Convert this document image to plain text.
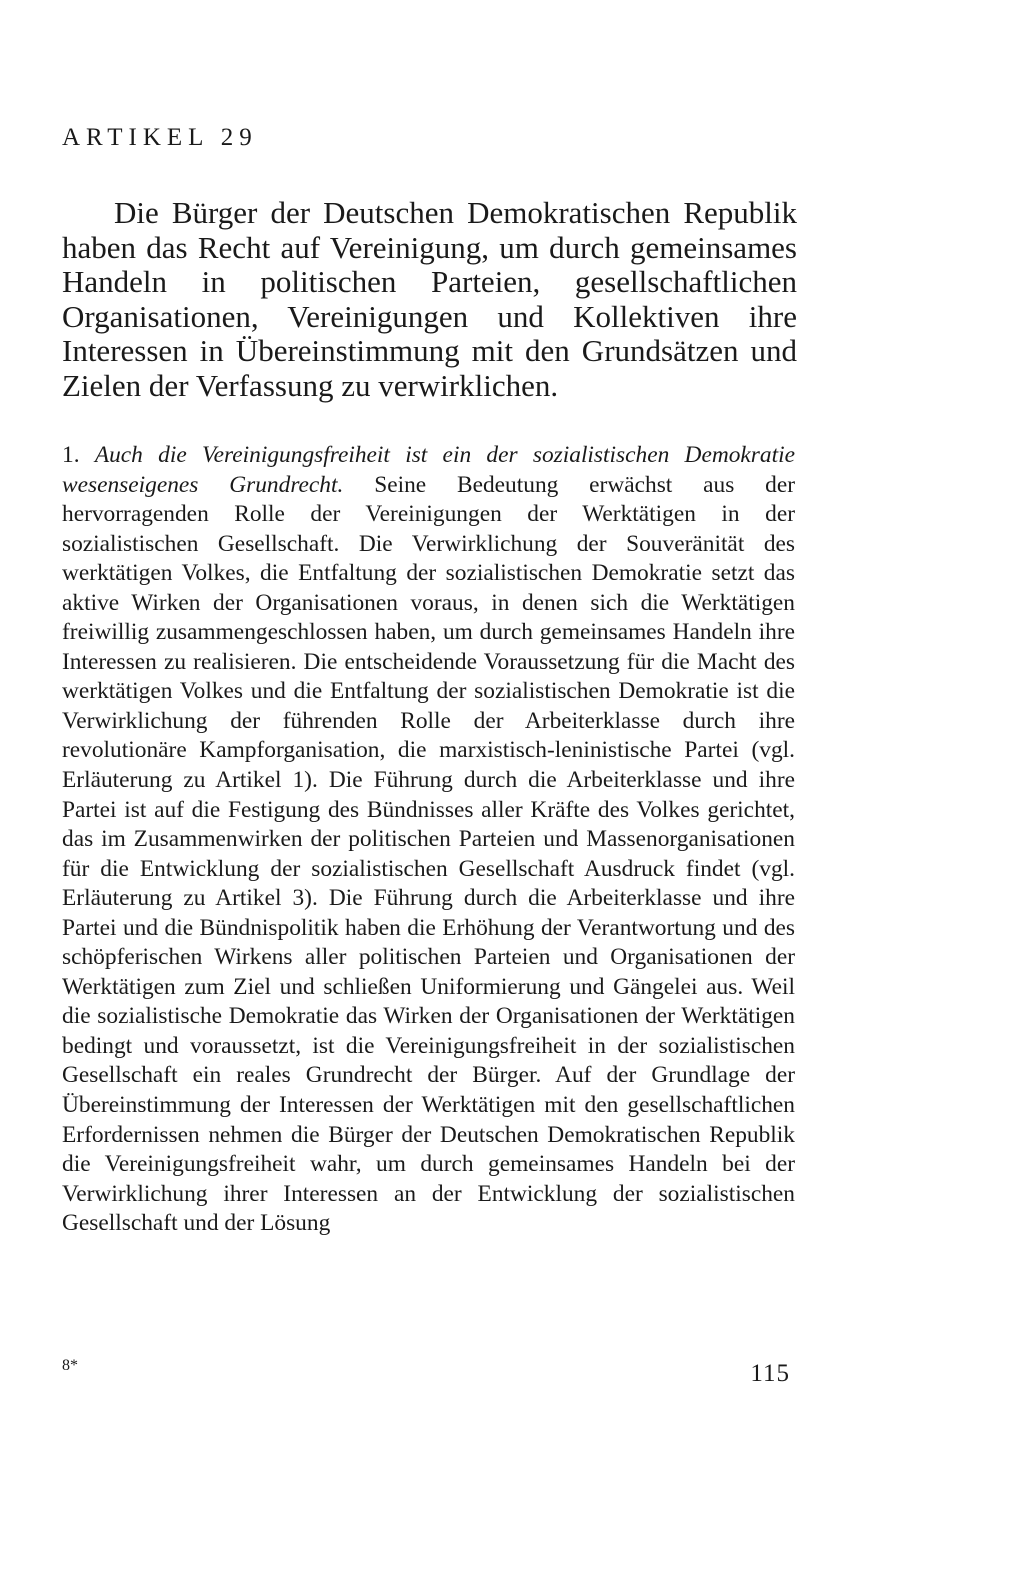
ARTIKEL 29

Die Bürger der Deutschen Demokratischen Republik haben das Recht auf Vereinigung, um durch gemeinsames Handeln in politischen Parteien, gesellschaftlichen Organisationen, Vereinigungen und Kollektiven ihre Interessen in Übereinstimmung mit den Grundsätzen und Zielen der Verfassung zu verwirklichen.

1. Auch die Vereinigungsfreiheit ist ein der sozialistischen Demokratie wesenseigenes Grundrecht. Seine Bedeutung erwächst aus der hervorragenden Rolle der Vereinigungen der Werktätigen in der sozialistischen Gesellschaft. Die Verwirklichung der Souveränität des werktätigen Volkes, die Entfaltung der sozialistischen Demokratie setzt das aktive Wirken der Organisationen voraus, in denen sich die Werktätigen freiwillig zusammengeschlossen haben, um durch gemeinsames Handeln ihre Interessen zu realisieren. Die entscheidende Voraussetzung für die Macht des werktätigen Volkes und die Entfaltung der sozialistischen Demokratie ist die Verwirklichung der führenden Rolle der Arbeiterklasse durch ihre revolutionäre Kampforganisation, die marxistisch-leninistische Partei (vgl. Erläuterung zu Artikel 1). Die Führung durch die Arbeiterklasse und ihre Partei ist auf die Festigung des Bündnisses aller Kräfte des Volkes gerichtet, das im Zusammenwirken der politischen Parteien und Massenorganisationen für die Entwicklung der sozialistischen Gesellschaft Ausdruck findet (vgl. Erläuterung zu Artikel 3). Die Führung durch die Arbeiterklasse und ihre Partei und die Bündnispolitik haben die Erhöhung der Verantwortung und des schöpferischen Wirkens aller politischen Parteien und Organisationen der Werktätigen zum Ziel und schließen Uniformierung und Gängelei aus. Weil die sozialistische Demokratie das Wirken der Organisationen der Werktätigen bedingt und voraussetzt, ist die Vereinigungsfreiheit in der sozialistischen Gesellschaft ein reales Grundrecht der Bürger. Auf der Grundlage der Übereinstimmung der Interessen der Werktätigen mit den gesellschaftlichen Erfordernissen nehmen die Bürger der Deutschen Demokratischen Republik die Vereinigungsfreiheit wahr, um durch gemeinsames Handeln bei der Verwirklichung ihrer Interessen an der Entwicklung der sozialistischen Gesellschaft und der Lösung

8*	115
